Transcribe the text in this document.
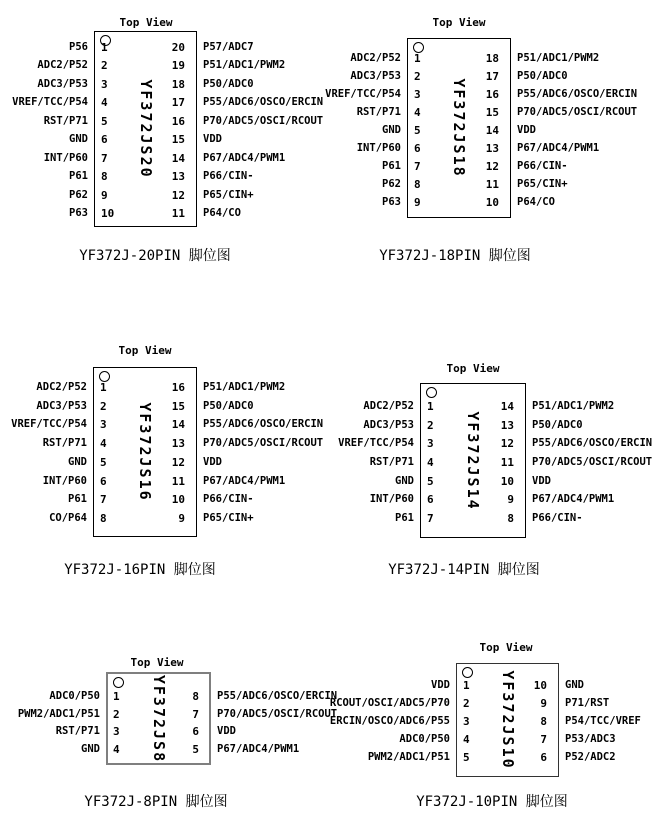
Top View
YF372JS20
P56 1	20 P57/ADC7
ADC2/P52 2	19 P51/ADC1/PWM2
ADC3/P53 3	18 P50/ADC0
VREF/TCC/P54 4	17 P55/ADC6/OSCO/ERCIN
RST/P71 5	16 P70/ADC5/OSCI/RCOUT
GND 6	15 VDD
INT/P60 7	14 P67/ADC4/PWM1
P61 8	13 P66/CIN-
P62 9	12 P65/CIN+
P63 10	11 P64/CO
YF372J-20PIN 脚位图
Top View
YF372JS18
ADC2/P52 1	18 P51/ADC1/PWM2
ADC3/P53 2	17 P50/ADC0
VREF/TCC/P54 3	16 P55/ADC6/OSCO/ERCIN
RST/P71 4	15 P70/ADC5/OSCI/RCOUT
GND 5	14 VDD
INT/P60 6	13 P67/ADC4/PWM1
P61 7	12 P66/CIN-
P62 8	11 P65/CIN+
P63 9	10 P64/CO
YF372J-18PIN 脚位图
Top View
YF372JS16
ADC2/P52 1	16 P51/ADC1/PWM2
ADC3/P53 2	15 P50/ADC0
VREF/TCC/P54 3	14 P55/ADC6/OSCO/ERCIN
RST/P71 4	13 P70/ADC5/OSCI/RCOUT
GND 5	12 VDD
INT/P60 6	11 P67/ADC4/PWM1
P61 7	10 P66/CIN-
CO/P64 8	9 P65/CIN+
YF372J-16PIN 脚位图
Top View
YF372JS14
ADC2/P52 1	14 P51/ADC1/PWM2
ADC3/P53 2	13 P50/ADC0
VREF/TCC/P54 3	12 P55/ADC6/OSCO/ERCIN
RST/P71 4	11 P70/ADC5/OSCI/RCOUT
GND 5	10 VDD
INT/P60 6	9 P67/ADC4/PWM1
P61 7	8 P66/CIN-
YF372J-14PIN 脚位图
Top View
YF372JS8
ADC0/P50 1	8 P55/ADC6/OSCO/ERCIN
PWM2/ADC1/P51 2	7 P70/ADC5/OSCI/RCOUT
RST/P71 3	6 VDD
GND 4	5 P67/ADC4/PWM1
YF372J-8PIN 脚位图
Top View
YF372JS10
VDD 1	10 GND
RCOUT/OSCI/ADC5/P70 2	9 P71/RST
ERCIN/OSCO/ADC6/P55 3	8 P54/TCC/VREF
ADC0/P50 4	7 P53/ADC3
PWM2/ADC1/P51 5	6 P52/ADC2
YF372J-10PIN 脚位图
